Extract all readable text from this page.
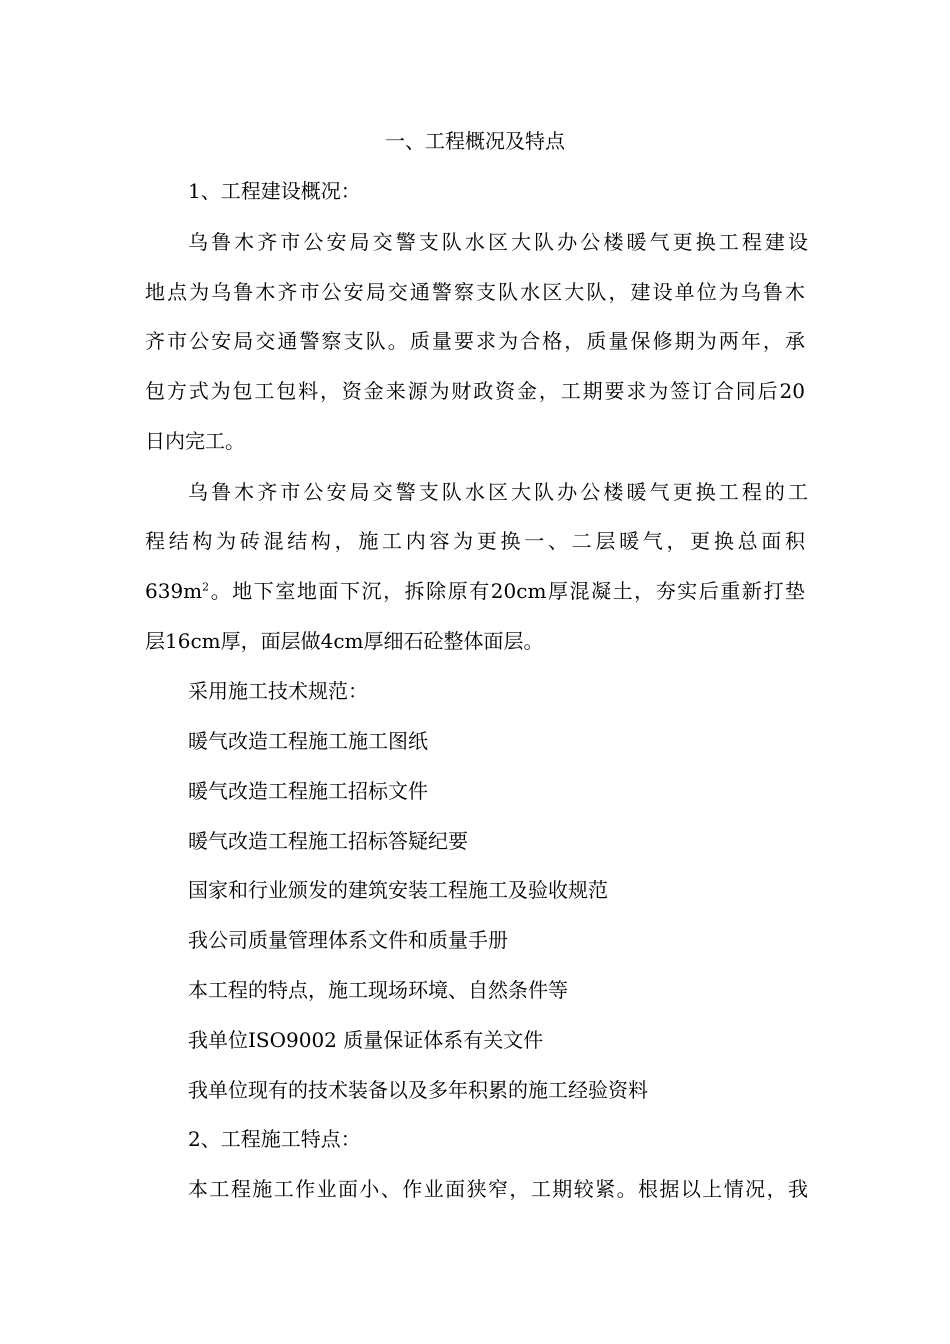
一、工程概况及特点
1、工程建设概况：
乌鲁木齐市公安局交警支队水区大队办公楼暖气更换工程建设
地点为乌鲁木齐市公安局交通警察支队水区大队，建设单位为乌鲁木
齐市公安局交通警察支队。质量要求为合格，质量保修期为两年，承
包方式为包工包料，资金来源为财政资金，工期要求为签订合同后20
日内完工。
乌鲁木齐市公安局交警支队水区大队办公楼暖气更换工程的工
程结构为砖混结构，施工内容为更换一、二层暖气，更换总面积
$639m^2$。地下室地面下沉，拆除原有20cm厚混凝土，夯实后重新打垫
层16cm厚，面层做4cm厚细石砼整体面层。
采用施工技术规范：
暖气改造工程施工施工图纸
暖气改造工程施工招标文件
暖气改造工程施工招标答疑纪要
国家和行业颁发的建筑安装工程施工及验收规范
我公司质量管理体系文件和质量手册
本工程的特点，施工现场环境、自然条件等
我单位ISO9002 质量保证体系有关文件
我单位现有的技术装备以及多年积累的施工经验资料
2、工程施工特点：
本工程施工作业面小、作业面狭窄，工期较紧。根据以上情况，我
